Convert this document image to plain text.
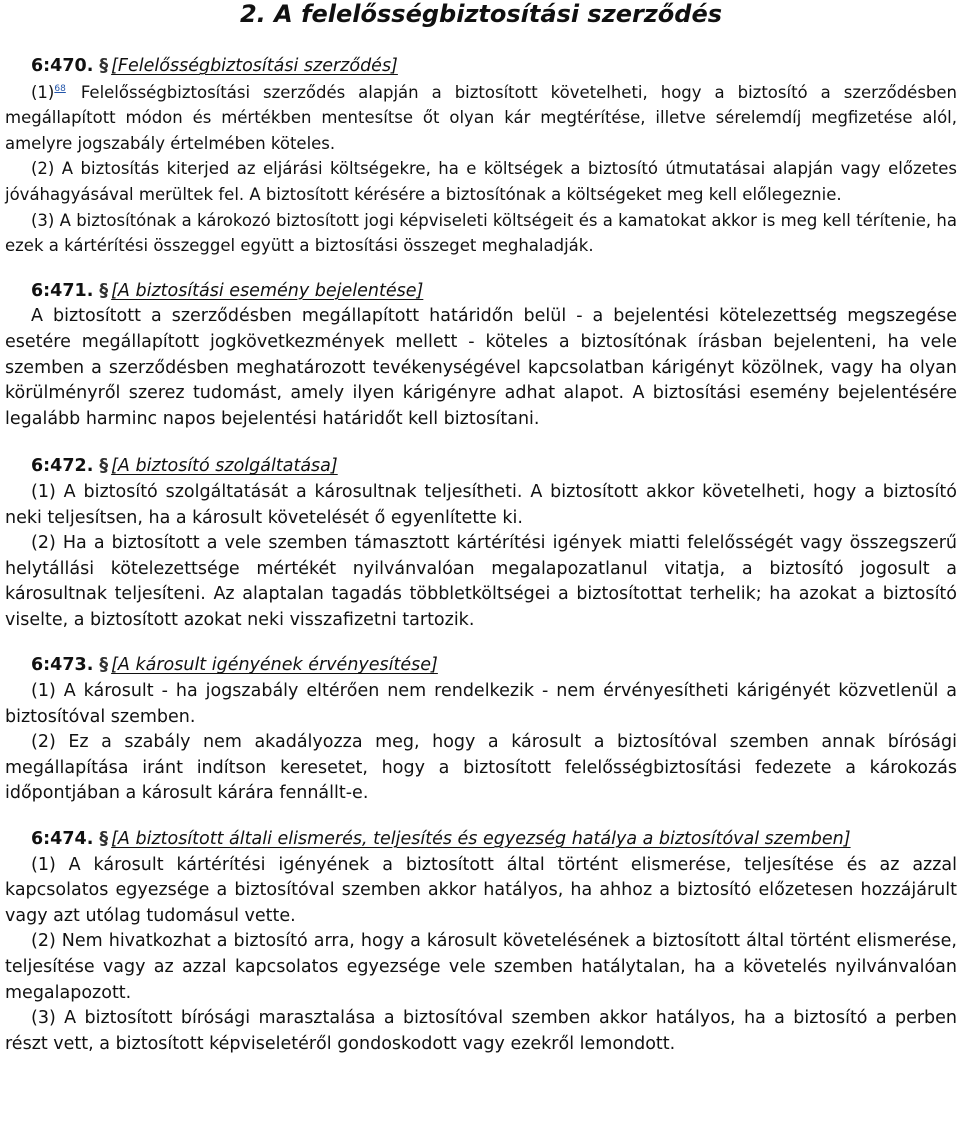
2. A felelősségbiztosítási szerződés

6:470. § [Felelősségbiztosítási szerződés]

(1)$^{68}$ Felelősségbiztosítási szerződés alapján a biztosított követelheti, hogy a biztosító a szerződésben megállapított módon és mértékben mentesítse őt olyan kár megtérítése, illetve sérelemdíj megfizetése alól, amelyre jogszabály értelmében köteles.

(2) A biztosítás kiterjed az eljárási költségekre, ha e költségek a biztosító útmutatásai alapján vagy előzetes jóváhagyásával merültek fel. A biztosított kérésére a biztosítónak a költségeket meg kell előlegeznie.

(3) A biztosítónak a károkozó biztosított jogi képviseleti költségeit és a kamatokat akkor is meg kell térítenie, ha ezek a kártérítési összeggel együtt a biztosítási összeget meghaladják.

6:471. § [A biztosítási esemény bejelentése]

A biztosított a szerződésben megállapított határidőn belül - a bejelentési kötelezettség megszegése esetére megállapított jogkövetkezmények mellett - köteles a biztosítónak írásban bejelenteni, ha vele szemben a szerződésben meghatározott tevékenységével kapcsolatban kárigényt közölnek, vagy ha olyan körülményről szerez tudomást, amely ilyen kárigényre adhat alapot. A biztosítási esemény bejelentésére legalább harminc napos bejelentési határidőt kell biztosítani.

6:472. § [A biztosító szolgáltatása]

(1) A biztosító szolgáltatását a károsultnak teljesítheti. A biztosított akkor követelheti, hogy a biztosító neki teljesítsen, ha a károsult követelését ő egyenlítette ki.

(2) Ha a biztosított a vele szemben támasztott kártérítési igények miatti felelősségét vagy összegszerű helytállási kötelezettsége mértékét nyilvánvalóan megalapozatlanul vitatja, a biztosító jogosult a károsultnak teljesíteni. Az alaptalan tagadás többletköltségei a biztosítottat terhelik; ha azokat a biztosító viselte, a biztosított azokat neki visszafizetni tartozik.

6:473. § [A károsult igényének érvényesítése]

(1) A károsult - ha jogszabály eltérően nem rendelkezik - nem érvényesítheti kárigényét közvetlenül a biztosítóval szemben.

(2) Ez a szabály nem akadályozza meg, hogy a károsult a biztosítóval szemben annak bírósági megállapítása iránt indítson keresetet, hogy a biztosított felelősségbiztosítási fedezete a károkozás időpontjában a károsult kárára fennállt-e.

6:474. § [A biztosított általi elismerés, teljesítés és egyezség hatálya a biztosítóval szemben]

(1) A károsult kártérítési igényének a biztosított által történt elismerése, teljesítése és az azzal kapcsolatos egyezsége a biztosítóval szemben akkor hatályos, ha ahhoz a biztosító előzetesen hozzájárult vagy azt utólag tudomásul vette.

(2) Nem hivatkozhat a biztosító arra, hogy a károsult követelésének a biztosított által történt elismerése, teljesítése vagy az azzal kapcsolatos egyezsége vele szemben hatálytalan, ha a követelés nyilvánvalóan megalapozott.

(3) A biztosított bírósági marasztalása a biztosítóval szemben akkor hatályos, ha a biztosító a perben részt vett, a biztosított képviseletéről gondoskodott vagy ezekről lemondott.
